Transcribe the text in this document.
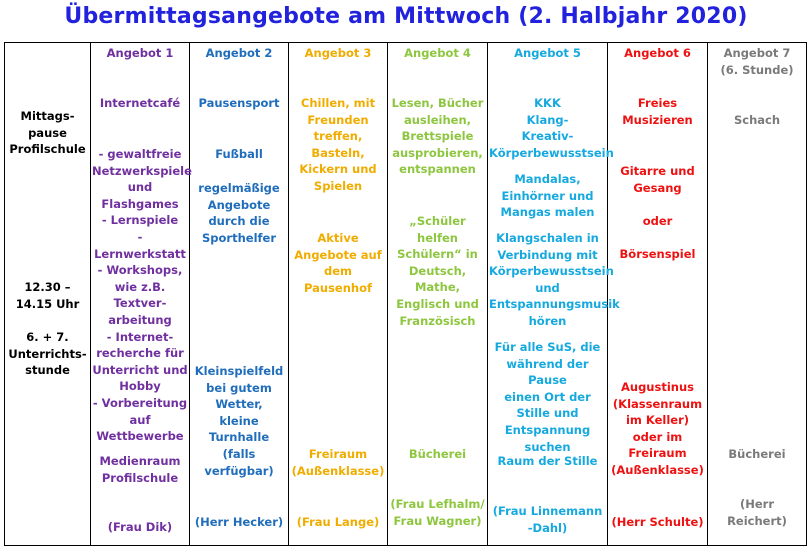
Übermittagsangebote am Mittwoch (2. Halbjahr 2020)
Mittags-
pause
Profilschule
12.30 –
14.15 Uhr
6. + 7.
Unterrichts-
stunde

Angebot 1
Internetcafé
- gewaltfreie
Netzwerkspiele
und Flashgames
- Lernspiele
- Lernwerkstatt
- Workshops,
wie z.B.
Textver-
arbeitung
- Internet-
recherche für
Unterricht und
Hobby
- Vorbereitung
auf
Wettbewerbe
Medienraum
Profilschule
(Frau Dik)

Angebot 2
Pausensport
Fußball
regelmäßige
Angebote
durch die
Sporthelfer
Kleinspielfeld
bei gutem
Wetter,
kleine
Turnhalle
(falls
verfügbar)
(Herr Hecker)

Angebot 3
Chillen, mit
Freunden
treffen,
Basteln,
Kickern und
Spielen
Aktive
Angebote auf
dem Pausenhof
Freiraum
(Außenklasse)
(Frau Lange)

Angebot 4
Lesen, Bücher
ausleihen,
Brettspiele
ausprobieren,
entspannen
„Schüler
helfen
Schülern“ in
Deutsch,
Mathe,
Englisch und
Französisch
Bücherei
(Frau Lefhalm/
Frau Wagner)

Angebot 5
KKK
Klang-
Kreativ-
Körperbewusstsein
Mandalas,
Einhörner und
Mangas malen
Klangschalen in
Verbindung mit
Körperbewusstsein
und
Entspannungsmusik
hören
Für alle SuS, die
während der Pause
einen Ort der
Stille und
Entspannung suchen
Raum der Stille
(Frau Linnemann
-Dahl)

Angebot 6
Freies
Musizieren
Gitarre und
Gesang
oder
Börsenspiel
Augustinus
(Klassenraum
im Keller)
oder im
Freiraum
(Außenklasse)
(Herr Schulte)

Angebot 7
(6. Stunde)
Schach
Bücherei
(Herr
Reichert)
